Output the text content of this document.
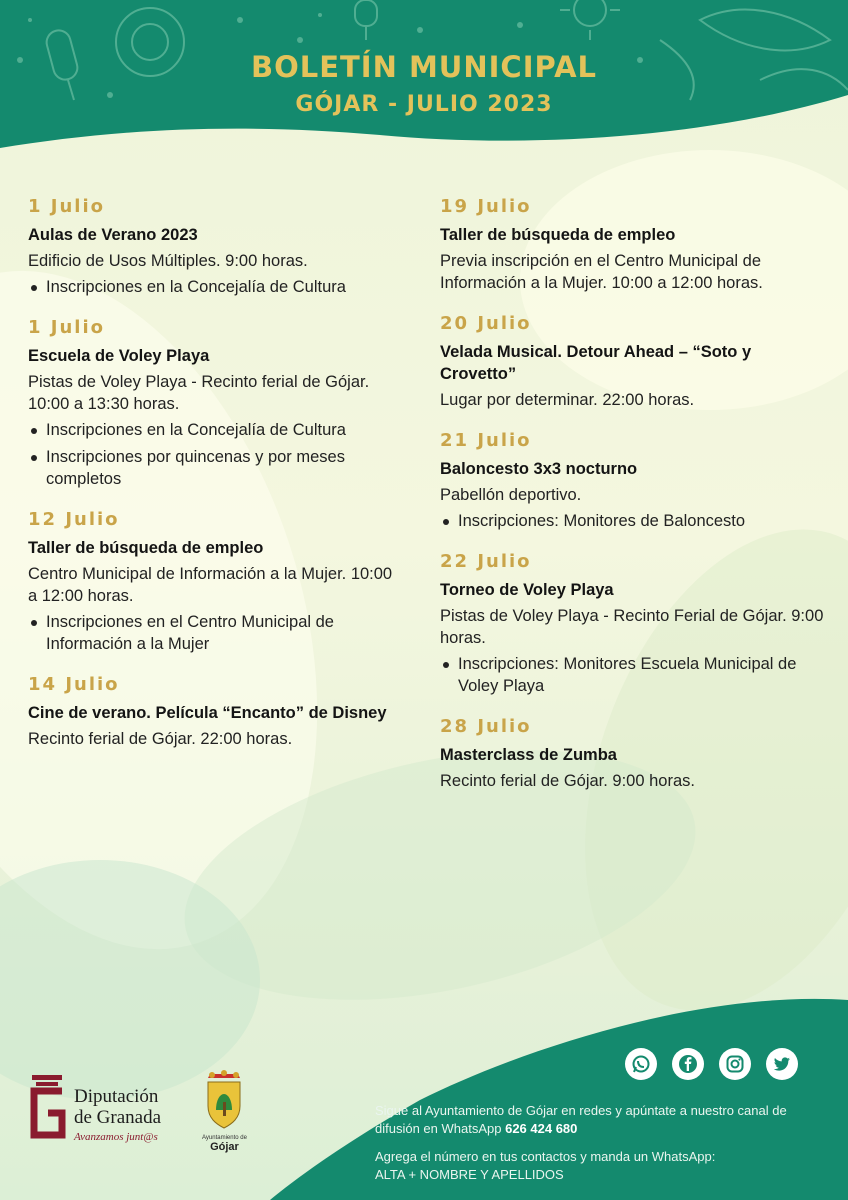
BOLETÍN MUNICIPAL
GÓJAR - JULIO 2023
1 Julio
Aulas de Verano 2023
Edificio de Usos Múltiples. 9:00 horas.
Inscripciones en la Concejalía de Cultura
1 Julio
Escuela de Voley Playa
Pistas de Voley Playa - Recinto ferial de Gójar. 10:00 a 13:30 horas.
Inscripciones en la Concejalía de Cultura
Inscripciones por quincenas y por meses completos
12 Julio
Taller de búsqueda de empleo
Centro Municipal de Información a la Mujer. 10:00 a 12:00 horas.
Inscripciones en el Centro Municipal de Información a la Mujer
14 Julio
Cine de verano. Película “Encanto” de Disney
Recinto ferial de Gójar. 22:00 horas.
19 Julio
Taller de búsqueda de empleo
Previa inscripción en el Centro Municipal de Información a la Mujer. 10:00 a 12:00 horas.
20 Julio
Velada Musical. Detour Ahead – “Soto y Crovetto”
Lugar por determinar. 22:00 horas.
21 Julio
Baloncesto 3x3 nocturno
Pabellón deportivo.
Inscripciones: Monitores de Baloncesto
22 Julio
Torneo de Voley Playa
Pistas de Voley Playa - Recinto Ferial de Gójar. 9:00 horas.
Inscripciones: Monitores Escuela Municipal de Voley Playa
28 Julio
Masterclass de Zumba
Recinto ferial de Gójar. 9:00 horas.
Sigue al Ayuntamiento de Gójar en redes y apúntate a nuestro canal de difusión en WhatsApp 626 424 680
Agrega el número en tus contactos y manda un WhatsApp:
ALTA + NOMBRE Y APELLIDOS
Diputación
de Granada
Avanzamos junt@s	Ayuntamiento de
Gójar
